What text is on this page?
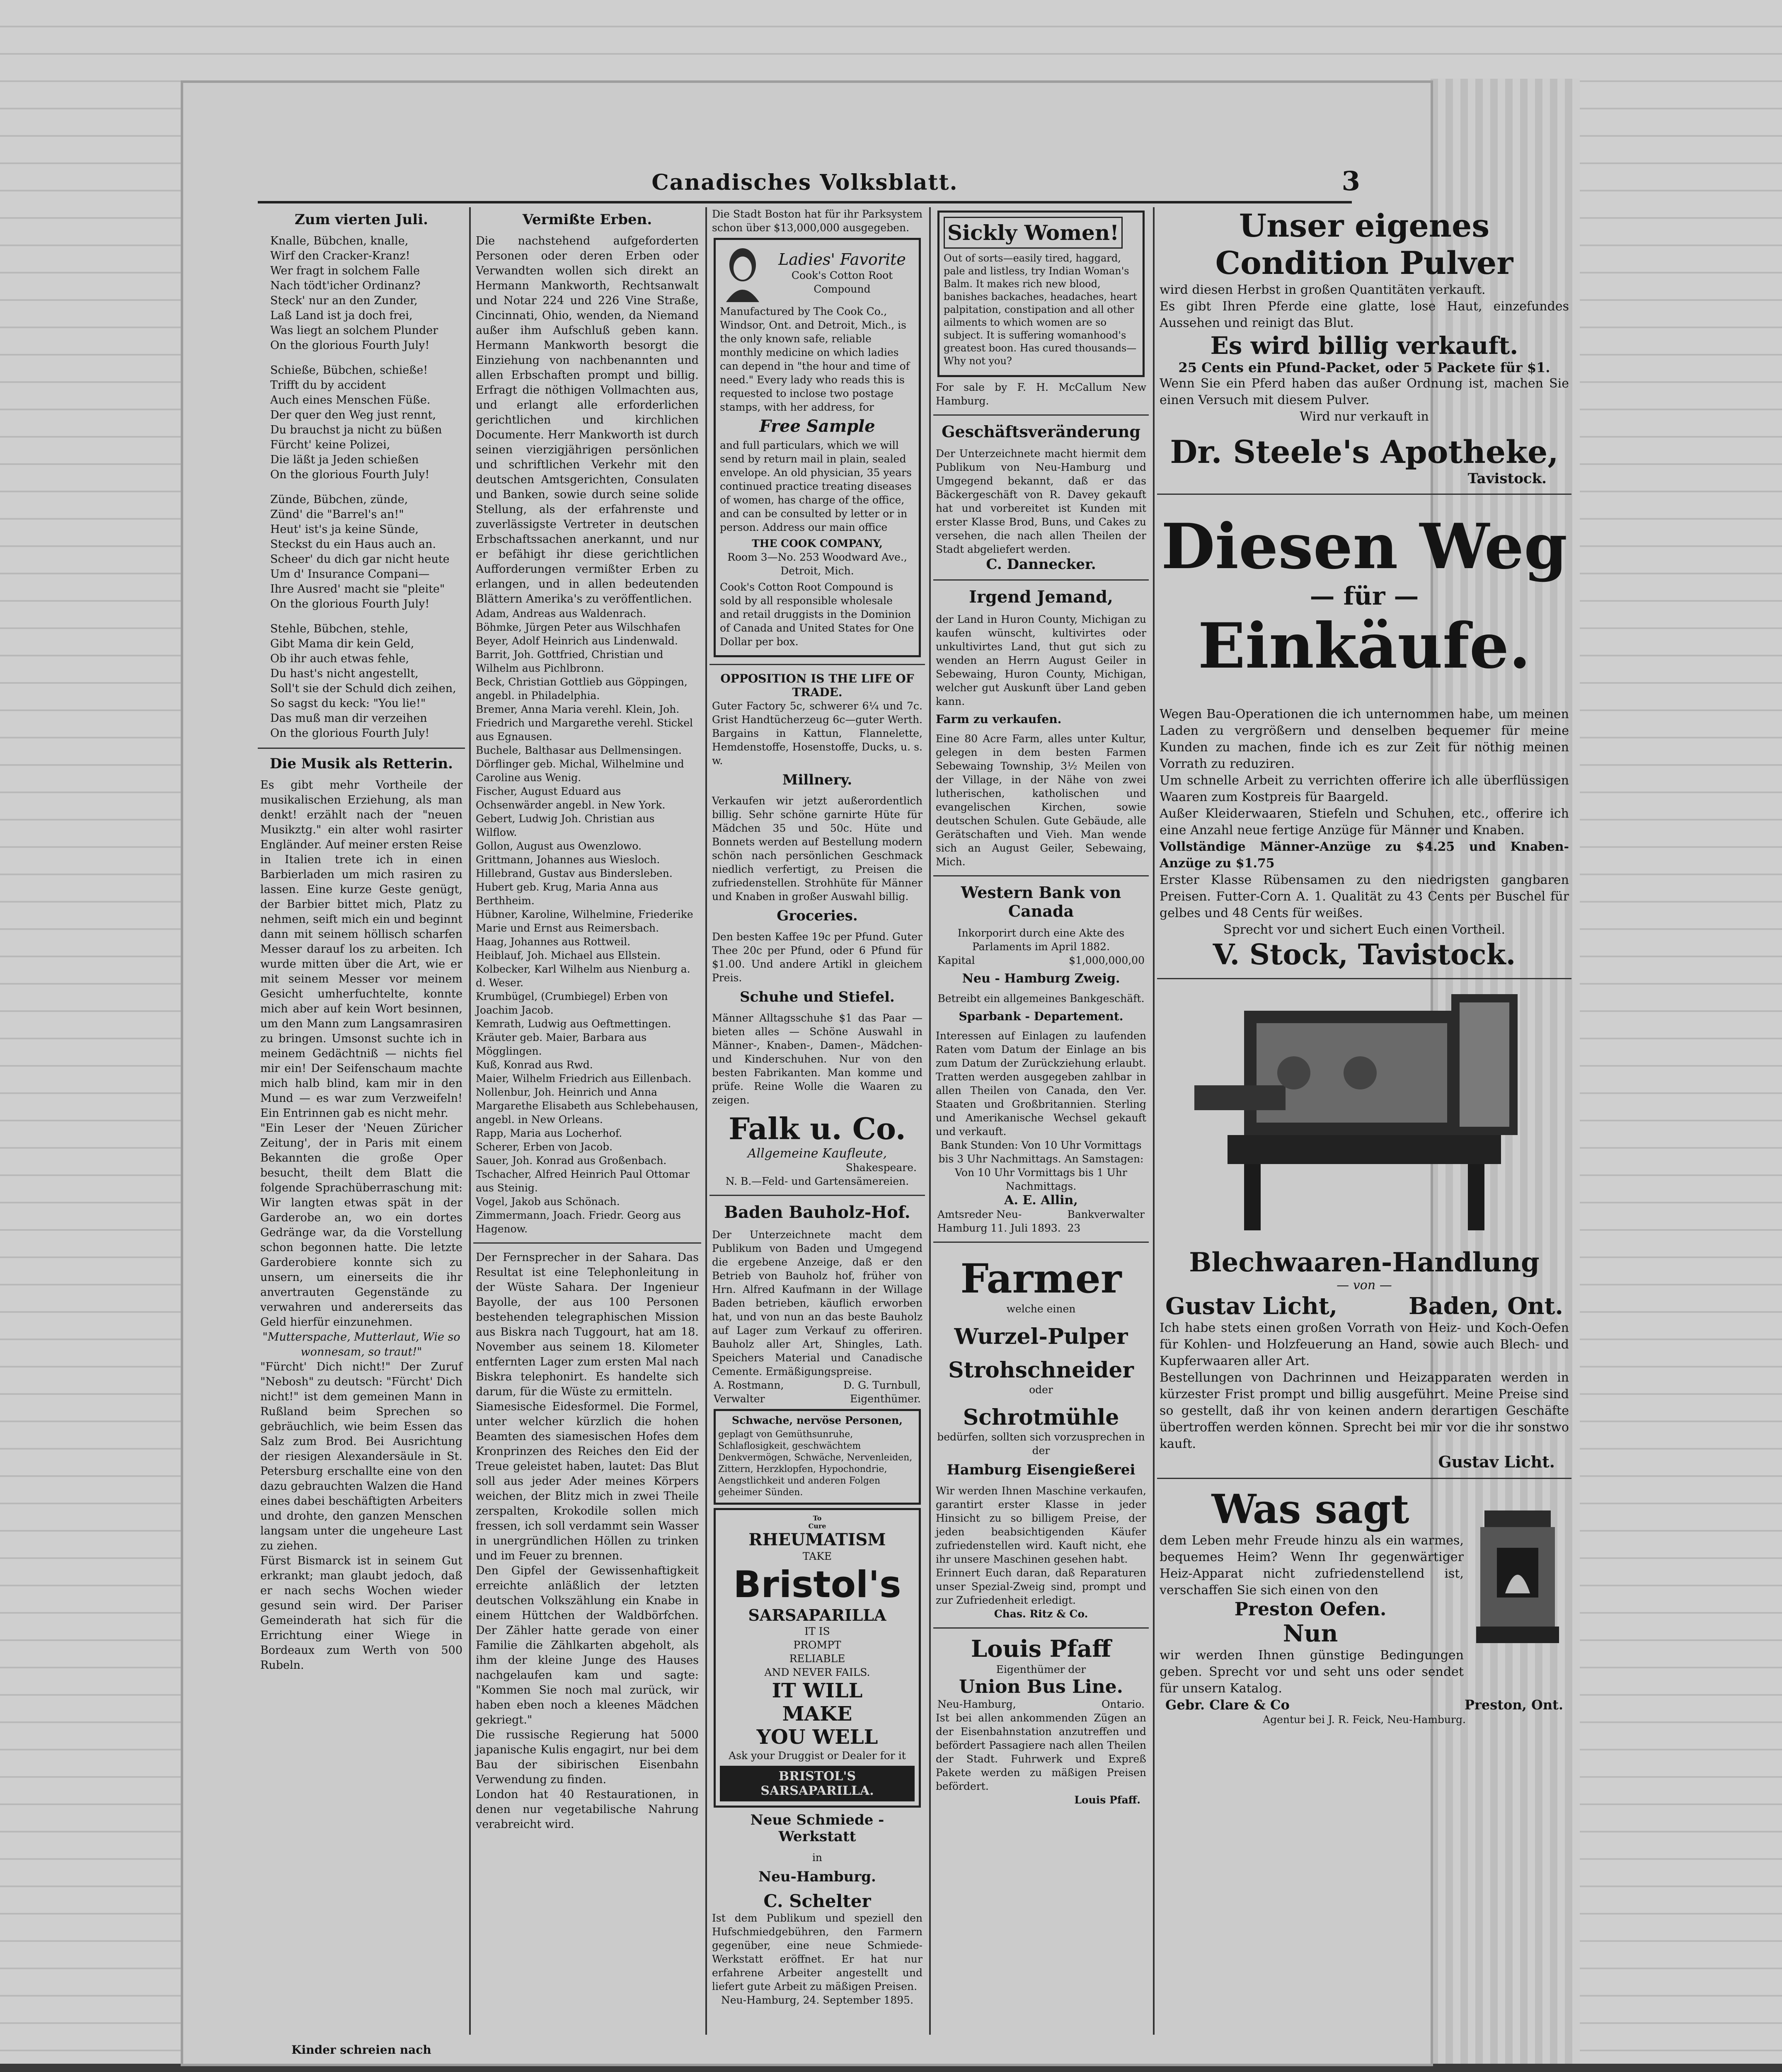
Canadisches Volksblatt.	3
Zum vierten Juli.
Knalle, Bübchen, knalle,
Wirf den Cracker-Kranz!
Wer fragt in solchem Falle
Nach tödt'icher Ordinanz?
Steck' nur an den Zunder,
Laß Land ist ja doch frei,
Was liegt an solchem Plunder
On the glorious Fourth July!
Schieße, Bübchen, schieße!
Trifft du by accident
Auch eines Menschen Füße.
Der quer den Weg just rennt,
Du brauchst ja nicht zu büßen
Fürcht' keine Polizei,
Die läßt ja Jeden schießen
On the glorious Fourth July!
Zünde, Bübchen, zünde,
Zünd' die "Barrel's an!"
Heut' ist's ja keine Sünde,
Steckst du ein Haus auch an.
Scheer' du dich gar nicht heute
Um d' Insurance Compani—
Ihre Ausred' macht sie "pleite"
On the glorious Fourth July!
Stehle, Bübchen, stehle,
Gibt Mama dir kein Geld,
Ob ihr auch etwas fehle,
Du hast's nicht angestellt,
Soll't sie der Schuld dich zeihen,
So sagst du keck: "You lie!"
Das muß man dir verzeihen
On the glorious Fourth July!
Die Musik als Retterin.

Es gibt mehr Vortheile der musikalischen Erziehung, als man denkt! erzählt nach der "neuen Musikztg." ein alter wohl rasirter Engländer. Auf meiner ersten Reise in Italien trete ich in einen Barbierladen um mich rasiren zu lassen. Eine kurze Geste genügt, der Barbier bittet mich, Platz zu nehmen, seift mich ein und beginnt dann mit seinem höllisch scharfen Messer darauf los zu arbeiten. Ich wurde mitten über die Art, wie er mit seinem Messer vor meinem Gesicht umherfuchtelte, konnte mich aber auf kein Wort besinnen, um den Mann zum Langsamrasiren zu bringen. Umsonst suchte ich in meinem Gedächtniß — nichts fiel mir ein! Der Seifenschaum machte mich halb blind, kam mir in den Mund — es war zum Verzweifeln! Ein Entrinnen gab es nicht mehr.

"Ein Leser der 'Neuen Züricher Zeitung', der in Paris mit einem Bekannten die große Oper besucht, theilt dem Blatt die folgende Sprachüberraschung mit: Wir langten etwas spät in der Garderobe an, wo ein dortes Gedränge war, da die Vorstellung schon begonnen hatte. Die letzte Garderobiere konnte sich zu unsern, um einerseits die ihr anvertrauten Gegenstände zu verwahren und andererseits das Geld hierfür einzunehmen.

"Mutterspache, Mutterlaut, Wie so wonnesam, so traut!"

"Fürcht' Dich nicht!" Der Zuruf "Nebosh" zu deutsch: "Fürcht' Dich nicht!" ist dem gemeinen Mann in Rußland beim Sprechen so gebräuchlich, wie beim Essen das Salz zum Brod. Bei Ausrichtung der riesigen Alexandersäule in St. Petersburg erschallte eine von den dazu gebrauchten Walzen die Hand eines dabei beschäftigten Arbeiters und drohte, den ganzen Menschen langsam unter die ungeheure Last zu ziehen.

Fürst Bismarck ist in seinem Gut erkrankt; man glaubt jedoch, daß er nach sechs Wochen wieder gesund sein wird. Der Pariser Gemeinderath hat sich für die Errichtung einer Wiege in Bordeaux zum Werth von 500 Rubeln.

Kinder schreien nach
Vermißte Erben.

Die nachstehend aufgeforderten Personen oder deren Erben oder Verwandten wollen sich direkt an Hermann Mankworth, Rechtsanwalt und Notar 224 und 226 Vine Straße, Cincinnati, Ohio, wenden, da Niemand außer ihm Aufschluß geben kann. Hermann Mankworth besorgt die Einziehung von nachbenannten und allen Erbschaften prompt und billig. Erfragt die nöthigen Vollmachten aus, und erlangt alle erforderlichen gerichtlichen und kirchlichen Documente. Herr Mankworth ist durch seinen vierzigjährigen persönlichen und schriftlichen Verkehr mit den deutschen Amtsgerichten, Consulaten und Banken, sowie durch seine solide Stellung, als der erfahrenste und zuverlässigste Vertreter in deutschen Erbschaftssachen anerkannt, und nur er befähigt ihr diese gerichtlichen Aufforderungen vermißter Erben zu erlangen, und in allen bedeutenden Blättern Amerika's zu veröffentlichen.

Adam, Andreas aus Waldenrach.
Böhmke, Jürgen Peter aus Wilschhafen
Beyer, Adolf Heinrich aus Lindenwald.
Barrit, Joh. Gottfried, Christian und Wilhelm aus Pichlbronn.
Beck, Christian Gottlieb aus Göppingen, angebl. in Philadelphia.
Bremer, Anna Maria verehl. Klein, Joh. Friedrich und Margarethe verehl. Stickel aus Egnausen.
Buchele, Balthasar aus Dellmensingen.
Dörflinger geb. Michal, Wilhelmine und Caroline aus Wenig.
Fischer, August Eduard aus Ochsenwärder angebl. in New York.
Gebert, Ludwig Joh. Christian aus Wilflow.
Gollon, August aus Owenzlowo.
Grittmann, Johannes aus Wiesloch.
Hillebrand, Gustav aus Bindersleben.
Hubert geb. Krug, Maria Anna aus Berthheim.
Hübner, Karoline, Wilhelmine, Friederike Marie und Ernst aus Reimersbach.
Haag, Johannes aus Rottweil.
Heiblauf, Joh. Michael aus Ellstein.
Kolbecker, Karl Wilhelm aus Nienburg a. d. Weser.
Krumbügel, (Crumbiegel) Erben von Joachim Jacob.
Kemrath, Ludwig aus Oeftmettingen.
Kräuter geb. Maier, Barbara aus Mögglingen.
Kuß, Konrad aus Rwd.
Maier, Wilhelm Friedrich aus Eillenbach.
Nollenbur, Joh. Heinrich und Anna Margarethe Elisabeth aus Schlebehausen, angebl. in New Orleans.
Rapp, Maria aus Locherhof.
Scherer, Erben von Jacob.
Sauer, Joh. Konrad aus Großenbach.
Tschacher, Alfred Heinrich Paul Ottomar aus Steinig.
Vogel, Jakob aus Schönach.
Zimmermann, Joach. Friedr. Georg aus Hagenow.

Der Fernsprecher in der Sahara. Das Resultat ist eine Telephonleitung in der Wüste Sahara. Der Ingenieur Bayolle, der aus 100 Personen bestehenden telegraphischen Mission aus Biskra nach Tuggourt, hat am 18. November aus seinem 18. Kilometer entfernten Lager zum ersten Mal nach Biskra telephonirt. Es handelte sich darum, für die Wüste zu ermitteln.

Siamesische Eidesformel. Die Formel, unter welcher kürzlich die hohen Beamten des siamesischen Hofes dem Kronprinzen des Reiches den Eid der Treue geleistet haben, lautet: Das Blut soll aus jeder Ader meines Körpers weichen, der Blitz mich in zwei Theile zerspalten, Krokodile sollen mich fressen, ich soll verdammt sein Wasser in unergründlichen Höllen zu trinken und im Feuer zu brennen.

Den Gipfel der Gewissenhaftigkeit erreichte anläßlich der letzten deutschen Volkszählung ein Knabe in einem Hüttchen der Waldbörfchen. Der Zähler hatte gerade von einer Familie die Zählkarten abgeholt, als ihm der kleine Junge des Hauses nachgelaufen kam und sagte: "Kommen Sie noch mal zurück, wir haben eben noch a kleenes Mädchen gekriegt."

Die russische Regierung hat 5000 japanische Kulis engagirt, nur bei dem Bau der sibirischen Eisenbahn Verwendung zu finden.

London hat 40 Restaurationen, in denen nur vegetabilische Nahrung verabreicht wird.

Die Stadt Boston hat für ihr Parksystem schon über $13,000,000 ausgegeben.

Ladies' Favorite
Cook's Cotton Root Compound

Manufactured by The Cook Co., Windsor, Ont. and Detroit, Mich., is the only known safe, reliable monthly medicine on which ladies can depend in "the hour and time of need." Every lady who reads this is requested to inclose two postage stamps, with her address, for

Free Sample

and full particulars, which we will send by return mail in plain, sealed envelope. An old physician, 35 years continued practice treating diseases of women, has charge of the office, and can be consulted by letter or in person. Address our main office

THE COOK COMPANY,
Room 3—No. 253 Woodward Ave., Detroit, Mich.

Cook's Cotton Root Compound is sold by all responsible wholesale and retail druggists in the Dominion of Canada and United States for One Dollar per box.

OPPOSITION IS THE LIFE OF TRADE.

Guter Factory 5c, schwerer 6¼ und 7c. Grist Handtücherzeug 6c—guter Werth. Bargains in Kattun, Flannelette, Hemdenstoffe, Hosenstoffe, Ducks, u. s. w.

Millnery.

Verkaufen wir jetzt außerordentlich billig. Sehr schöne garnirte Hüte für Mädchen 35 und 50c. Hüte und Bonnets werden auf Bestellung modern schön nach persönlichen Geschmack niedlich verfertigt, zu Preisen die zufriedenstellen. Strohhüte für Männer und Knaben in großer Auswahl billig.

Groceries.

Den besten Kaffee 19c per Pfund. Guter Thee 20c per Pfund, oder 6 Pfund für $1.00. Und andere Artikl in gleichem Preis.

Schuhe und Stiefel.

Männer Alltagsschuhe $1 das Paar — bieten alles — Schöne Auswahl in Männer-, Knaben-, Damen-, Mädchen- und Kinderschuhen. Nur von den besten Fabrikanten. Man komme und prüfe. Reine Wolle die Waaren zu zeigen.

Falk u. Co.
Allgemeine Kaufleute,
Shakespeare.
N. B.—Feld- und Gartensämereien.
Baden Bauholz-Hof.

Der Unterzeichnete macht dem Publikum von Baden und Umgegend die ergebene Anzeige, daß er den Betrieb von Bauholz hof, früher von Hrn. Alfred Kaufmann in der Willage Baden betrieben, käuflich erworben hat, und von nun an das beste Bauholz auf Lager zum Verkauf zu offeriren. Bauholz aller Art, Shingles, Lath. Speichers Material und Canadische Cemente. Ermäßigungspreise.

A. Rostmann,	D. G. Turnbull,
Verwalter	Eigenthümer.
Schwache, nervöse Personen,

geplagt von Gemüthsunruhe, Schlaflosigkeit, geschwächtem Denkvermögen, Schwäche, Nervenleiden, Zittern, Herzklopfen, Hypochondrie, Aengstlichkeit und anderen Folgen geheimer Sünden.

To
Cure
RHEUMATISM
TAKE
Bristol's
SARSAPARILLA
IT IS
PROMPT
RELIABLE
AND NEVER FAILS.
IT WILL
MAKE
YOU WELL
Ask your Druggist or Dealer for it
BRISTOL'S SARSAPARILLA.
Neue Schmiede - Werkstatt
in
Neu-Hamburg.
C. Schelter

Ist dem Publikum und speziell den Hufschmiedgebühren, den Farmern gegenüber, eine neue Schmiede-Werkstatt eröffnet. Er hat nur erfahrene Arbeiter angestellt und liefert gute Arbeit zu mäßigen Preisen.

Neu-Hamburg, 24. September 1895.
Sickly Women!

Out of sorts—easily tired, haggard, pale and listless, try Indian Woman's Balm. It makes rich new blood, banishes backaches, headaches, heart palpitation, constipation and all other ailments to which women are so subject. It is suffering womanhood's greatest boon. Has cured thousands—Why not you?

For sale by F. H. McCallum New Hamburg.

Geschäftsveränderung

Der Unterzeichnete macht hiermit dem Publikum von Neu-Hamburg und Umgegend bekannt, daß er das Bäckergeschäft von R. Davey gekauft hat und vorbereitet ist Kunden mit erster Klasse Brod, Buns, und Cakes zu versehen, die nach allen Theilen der Stadt abgeliefert werden.

C. Dannecker.
Irgend Jemand,

der Land in Huron County, Michigan zu kaufen wünscht, kultivirtes oder unkultivirtes Land, thut gut sich zu wenden an Herrn August Geiler in Sebewaing, Huron County, Michigan, welcher gut Auskunft über Land geben kann.

Farm zu verkaufen.

Eine 80 Acre Farm, alles unter Kultur, gelegen in dem besten Farmen Sebewaing Township, 3½ Meilen von der Village, in der Nähe von zwei lutherischen, katholischen und evangelischen Kirchen, sowie deutschen Schulen. Gute Gebäude, alle Gerätschaften und Vieh. Man wende sich an August Geiler, Sebewaing, Mich.

Western Bank von Canada

Inkorporirt durch eine Akte des Parlaments im April 1882.

Kapital	$1,000,000,00
Neu - Hamburg Zweig.
Betreibt ein allgemeines Bankgeschäft.
Sparbank - Departement.

Interessen auf Einlagen zu laufenden Raten vom Datum der Einlage an bis zum Datum der Zurückziehung erlaubt. Tratten werden ausgegeben zahlbar in allen Theilen von Canada, den Ver. Staaten und Großbritannien. Sterling und Amerikanische Wechsel gekauft und verkauft.

Bank Stunden: Von 10 Uhr Vormittags bis 3 Uhr Nachmittags. An Samstagen: Von 10 Uhr Vormittags bis 1 Uhr Nachmittags.

A. E. Allin,
Amtsreder Neu-Hamburg 11. Juli 1893.
Bankverwalter 23
Farmer
welche einen
Wurzel-Pulper
Strohschneider
oder
Schrotmühle

bedürfen, sollten sich vorzusprechen in der

Hamburg Eisengießerei

Wir werden Ihnen Maschine verkaufen, garantirt erster Klasse in jeder Hinsicht zu so billigem Preise, der jeden beabsichtigenden Käufer zufriedenstellen wird. Kauft nicht, ehe ihr unsere Maschinen gesehen habt.

Erinnert Euch daran, daß Reparaturen unser Spezial-Zweig sind, prompt und zur Zufriedenheit erledigt.

Chas. Ritz & Co.
Louis Pfaff
Eigenthümer der
Union Bus Line.
Neu-Hamburg,	Ontario.

Ist bei allen ankommenden Zügen an der Eisenbahnstation anzutreffen und befördert Passagiere nach allen Theilen der Stadt. Fuhrwerk und Expreß Pakete werden zu mäßigen Preisen befördert.

Louis Pfaff.
Unser eigenes Condition Pulver

wird diesen Herbst in großen Quantitäten verkauft.

Es gibt Ihren Pferde eine glatte, lose Haut, einzefundes Aussehen und reinigt das Blut.

Es wird billig verkauft.
25 Cents ein Pfund-Packet, oder 5 Packete für $1.

Wenn Sie ein Pferd haben das außer Ordnung ist, machen Sie einen Versuch mit diesem Pulver.

Wird nur verkauft in

Dr. Steele's Apotheke,
Tavistock.
Diesen Weg
— für —
Einkäufe.

Wegen Bau-Operationen die ich unternommen habe, um meinen Laden zu vergrößern und denselben bequemer für meine Kunden zu machen, finde ich es zur Zeit für nöthig meinen Vorrath zu reduziren.

Um schnelle Arbeit zu verrichten offerire ich alle überflüssigen Waaren zum Kostpreis für Baargeld.

Außer Kleiderwaaren, Stiefeln und Schuhen, etc., offerire ich eine Anzahl neue fertige Anzüge für Männer und Knaben.

Vollständige Männer-Anzüge zu $4.25 und Knaben-Anzüge zu $1.75

Erster Klasse Rübensamen zu den niedrigsten gangbaren Preisen. Futter-Corn A. 1. Qualität zu 43 Cents per Buschel für gelbes und 48 Cents für weißes.

Sprecht vor und sichert Euch einen Vortheil.

V. Stock, Tavistock.
Blechwaaren-Handlung
— von —
Gustav Licht,	Baden, Ont.

Ich habe stets einen großen Vorrath von Heiz- und Koch-Oefen für Kohlen- und Holzfeuerung an Hand, sowie auch Blech- und Kupferwaaren aller Art.

Bestellungen von Dachrinnen und Heizapparaten werden in kürzester Frist prompt und billig ausgeführt. Meine Preise sind so gestellt, daß ihr von keinen andern derartigen Geschäfte übertroffen werden können. Sprecht bei mir vor die ihr sonstwo kauft.

Gustav Licht.
Was sagt

dem Leben mehr Freude hinzu als ein warmes, bequemes Heim? Wenn Ihr gegenwärtiger Heiz-Apparat nicht zufriedenstellend ist, verschaffen Sie sich einen von den

Preston Oefen.
Nun

wir werden Ihnen günstige Bedingungen geben. Sprecht vor und seht uns oder sendet für unsern Katalog.

Gebr. Clare & Co	Preston, Ont.
Agentur bei J. R. Feick, Neu-Hamburg.
